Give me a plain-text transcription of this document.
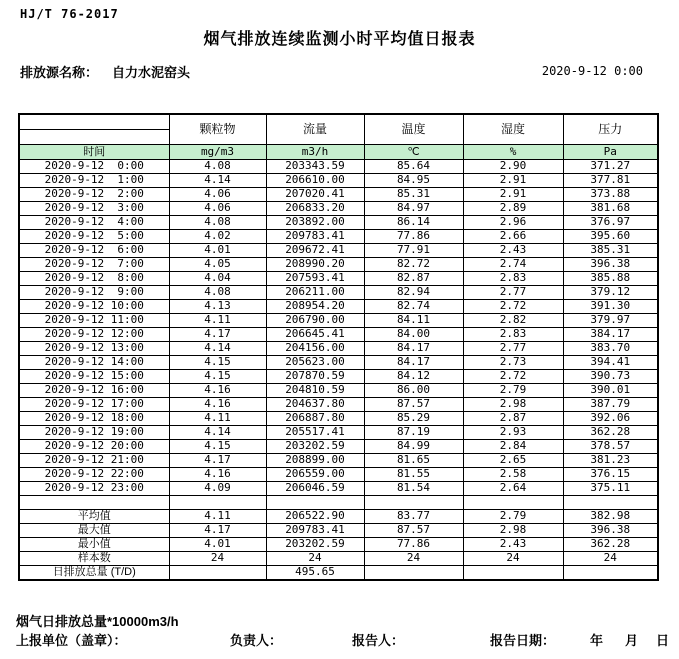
HJ/T 76-2017
烟气排放连续监测小时平均值日报表
排放源名称： 自力水泥窑头	2020-9-12 0:00
	颗粒物	流量	温度	湿度	压力

时间	mg/m3	m3/h	℃	%	Pa
2020-9-12  0:00	4.08	203343.59	85.64	2.90	371.27
2020-9-12  1:00	4.14	206610.00	84.95	2.91	377.81
2020-9-12  2:00	4.06	207020.41	85.31	2.91	373.88
2020-9-12  3:00	4.06	206833.20	84.97	2.89	381.68
2020-9-12  4:00	4.08	203892.00	86.14	2.96	376.97
2020-9-12  5:00	4.02	209783.41	77.86	2.66	395.60
2020-9-12  6:00	4.01	209672.41	77.91	2.43	385.31
2020-9-12  7:00	4.05	208990.20	82.72	2.74	396.38
2020-9-12  8:00	4.04	207593.41	82.87	2.83	385.88
2020-9-12  9:00	4.08	206211.00	82.94	2.77	379.12
2020-9-12 10:00	4.13	208954.20	82.74	2.72	391.30
2020-9-12 11:00	4.11	206790.00	84.11	2.82	379.97
2020-9-12 12:00	4.17	206645.41	84.00	2.83	384.17
2020-9-12 13:00	4.14	204156.00	84.17	2.77	383.70
2020-9-12 14:00	4.15	205623.00	84.17	2.73	394.41
2020-9-12 15:00	4.15	207870.59	84.12	2.72	390.73
2020-9-12 16:00	4.16	204810.59	86.00	2.79	390.01
2020-9-12 17:00	4.16	204637.80	87.57	2.98	387.79
2020-9-12 18:00	4.11	206887.80	85.29	2.87	392.06
2020-9-12 19:00	4.14	205517.41	87.19	2.93	362.28
2020-9-12 20:00	4.15	203202.59	84.99	2.84	378.57
2020-9-12 21:00	4.17	208899.00	81.65	2.65	381.23
2020-9-12 22:00	4.16	206559.00	81.55	2.58	376.15
2020-9-12 23:00	4.09	206046.59	81.54	2.64	375.11

平均值	4.11	206522.90	83.77	2.79	382.98
最大值	4.17	209783.41	87.57	2.98	396.38
最小值	4.01	203202.59	77.86	2.43	362.28
样本数	24	24	24	24	24
日排放总量 (T/D)		495.65			
烟气日排放总量*10000m3/h
上报单位（盖章）：	负责人：	报告人：	报告日期：	年 月 日
